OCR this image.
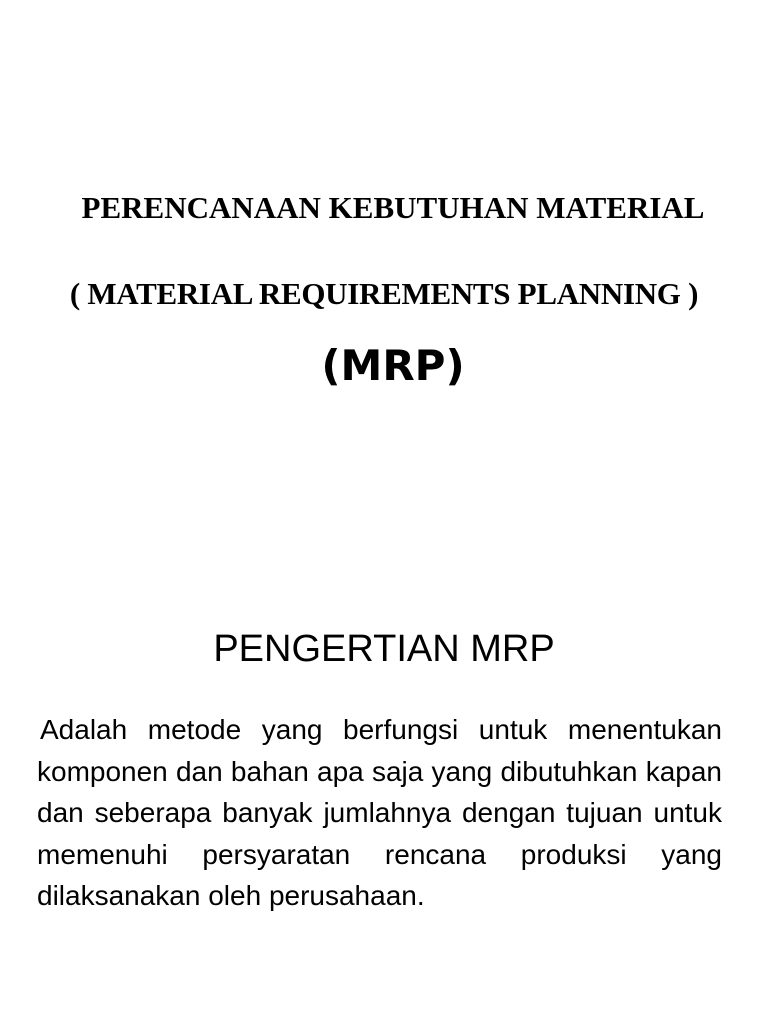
PERENCANAAN KEBUTUHAN MATERIAL
( MATERIAL REQUIREMENTS PLANNING )
(MRP)
PENGERTIAN MRP
Adalah metode yang berfungsi untuk menentukan komponen dan bahan apa saja yang dibutuhkan kapan dan seberapa banyak jumlahnya dengan tujuan untuk memenuhi persyaratan rencana produksi yang dilaksanakan oleh perusahaan.
